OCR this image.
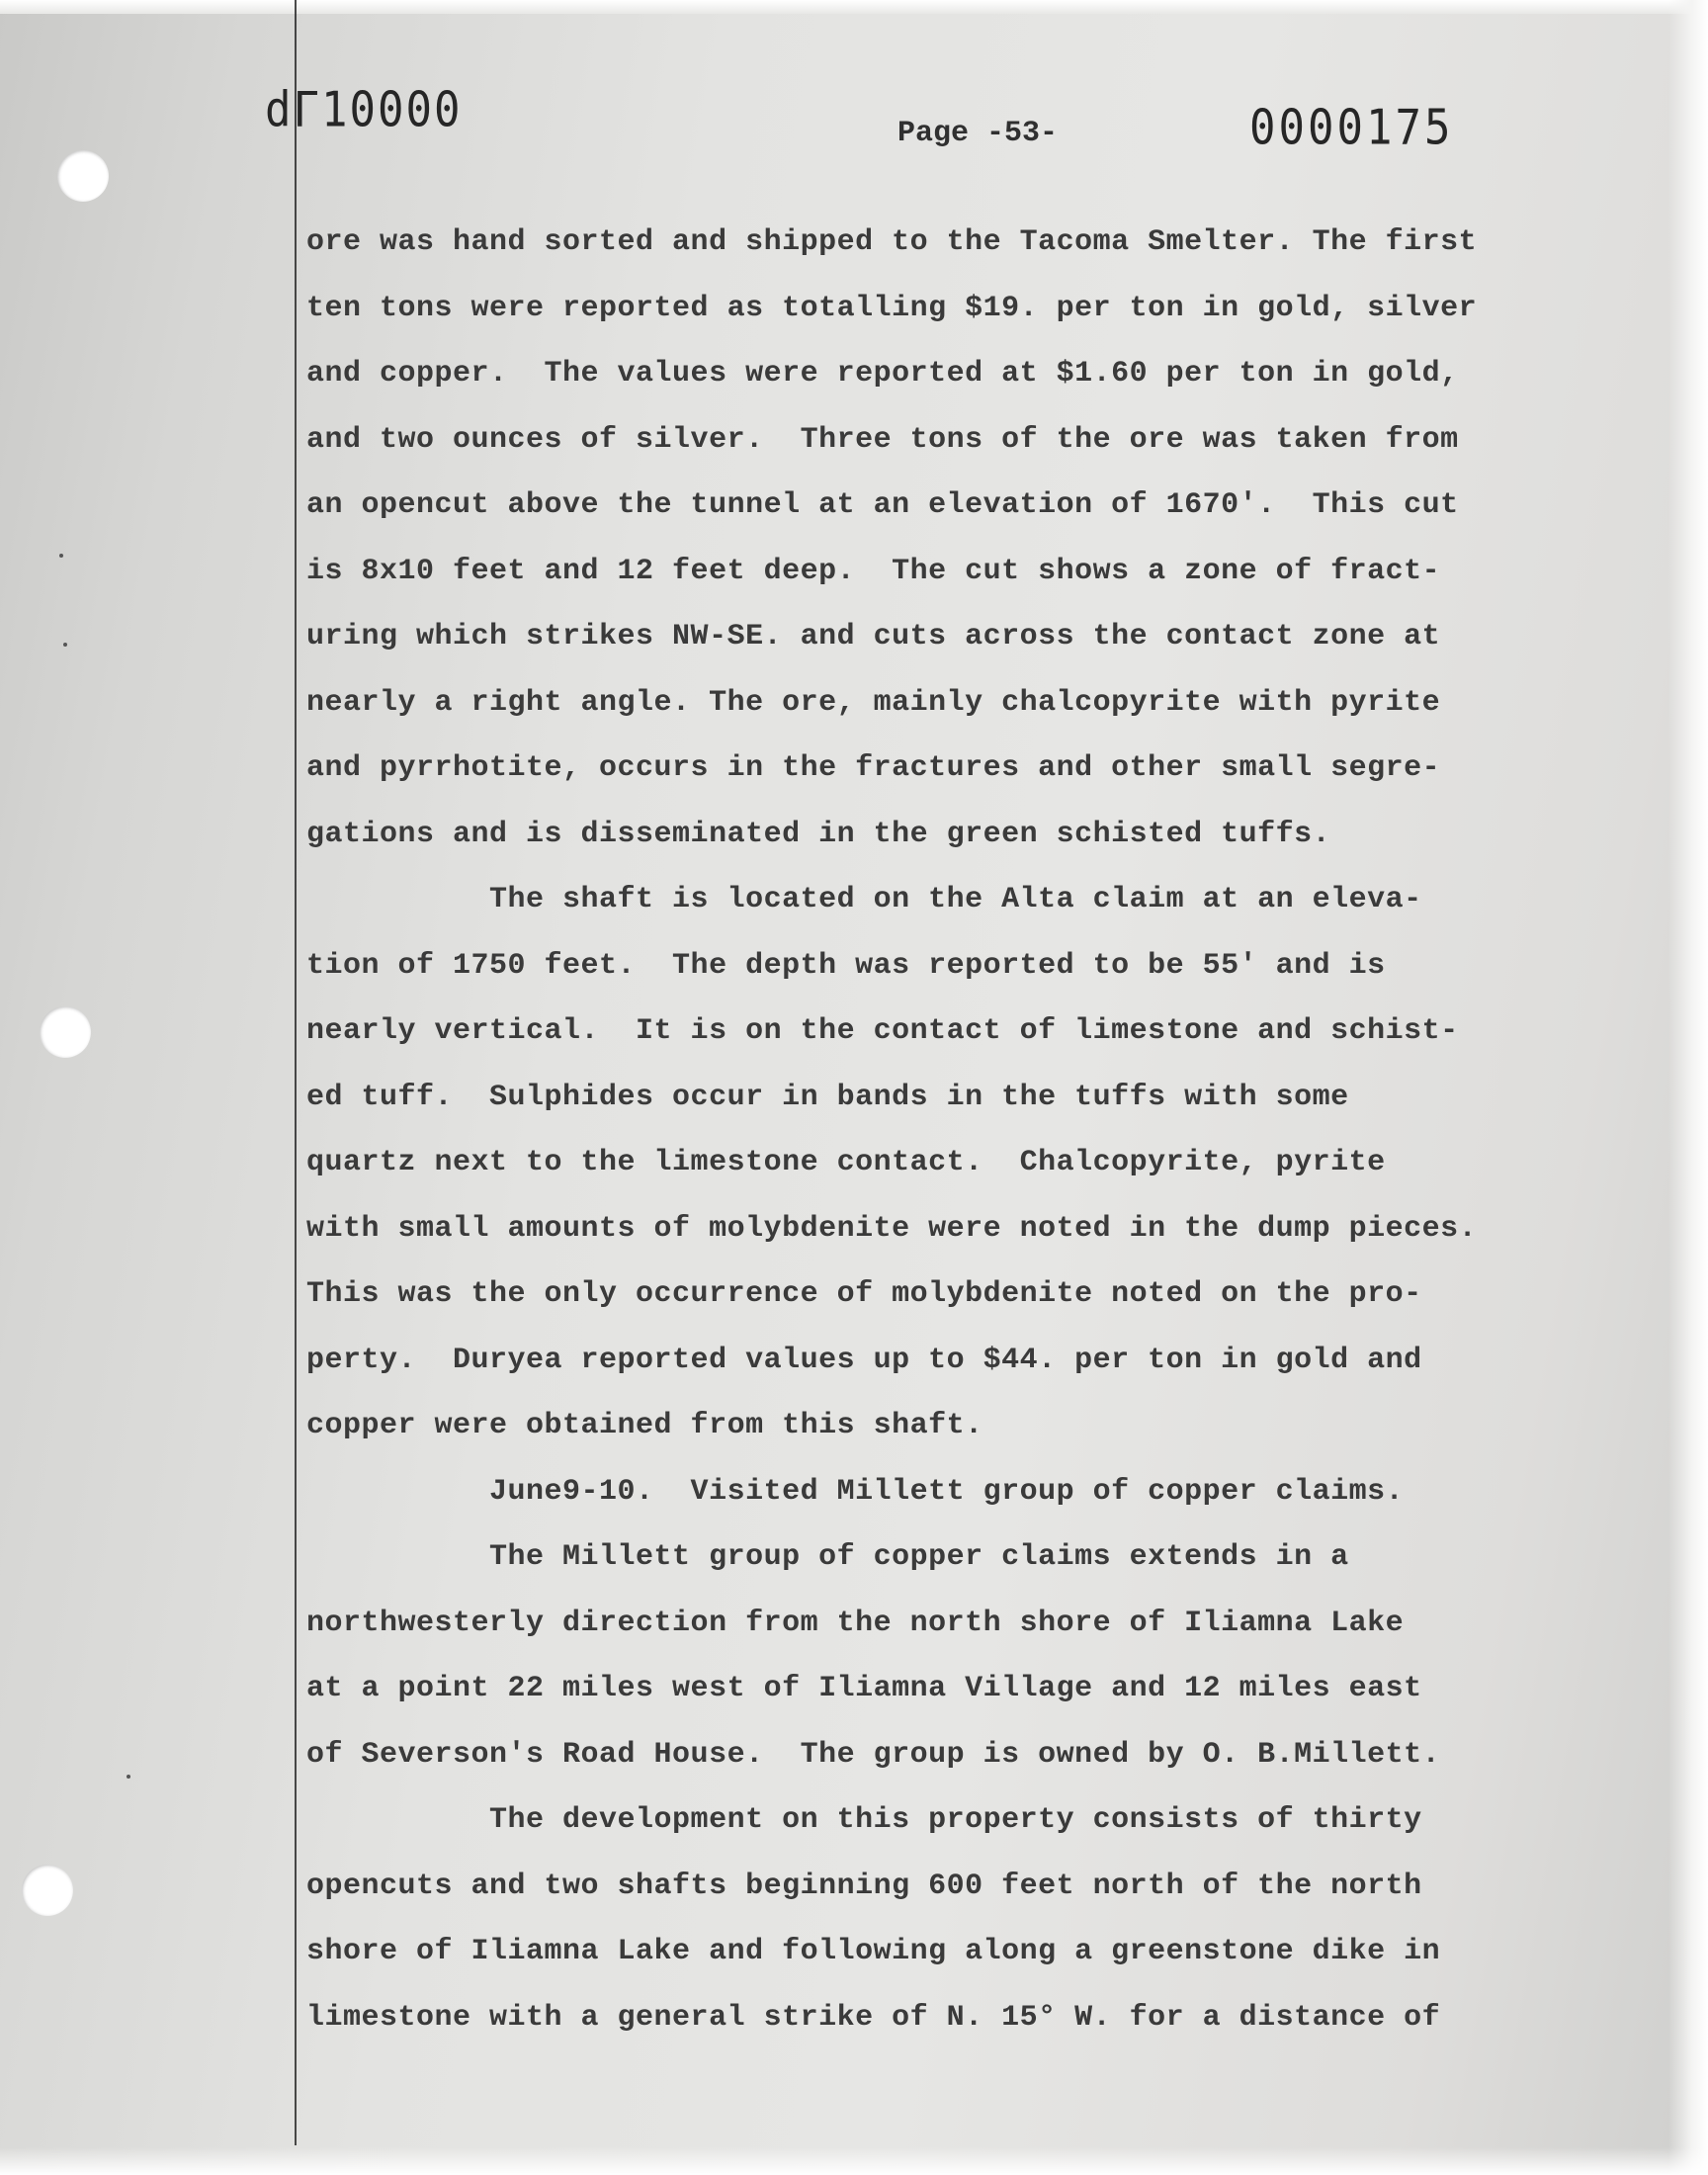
dΓ10000	Page -53-	0000175
ore was hand sorted and shipped to the Tacoma Smelter. The first
ten tons were reported as totalling $19. per ton in gold, silver
and copper.  The values were reported at $1.60 per ton in gold,
and two ounces of silver.  Three tons of the ore was taken from
an opencut above the tunnel at an elevation of 1670'.  This cut
is 8x10 feet and 12 feet deep.  The cut shows a zone of fract-
uring which strikes NW-SE. and cuts across the contact zone at
nearly a right angle. The ore, mainly chalcopyrite with pyrite
and pyrrhotite, occurs in the fractures and other small segre-
gations and is disseminated in the green schisted tuffs.
The shaft is located on the Alta claim at an eleva-
tion of 1750 feet.  The depth was reported to be 55' and is
nearly vertical.  It is on the contact of limestone and schist-
ed tuff.  Sulphides occur in bands in the tuffs with some
quartz next to the limestone contact.  Chalcopyrite, pyrite
with small amounts of molybdenite were noted in the dump pieces.
This was the only occurrence of molybdenite noted on the pro-
perty.  Duryea reported values up to $44. per ton in gold and
copper were obtained from this shaft.
June9-10.  Visited Millett group of copper claims.
The Millett group of copper claims extends in a
northwesterly direction from the north shore of Iliamna Lake
at a point 22 miles west of Iliamna Village and 12 miles east
of Severson's Road House.  The group is owned by O. B.Millett.
The development on this property consists of thirty
opencuts and two shafts beginning 600 feet north of the north
shore of Iliamna Lake and following along a greenstone dike in
limestone with a general strike of N. 15° W. for a distance of
